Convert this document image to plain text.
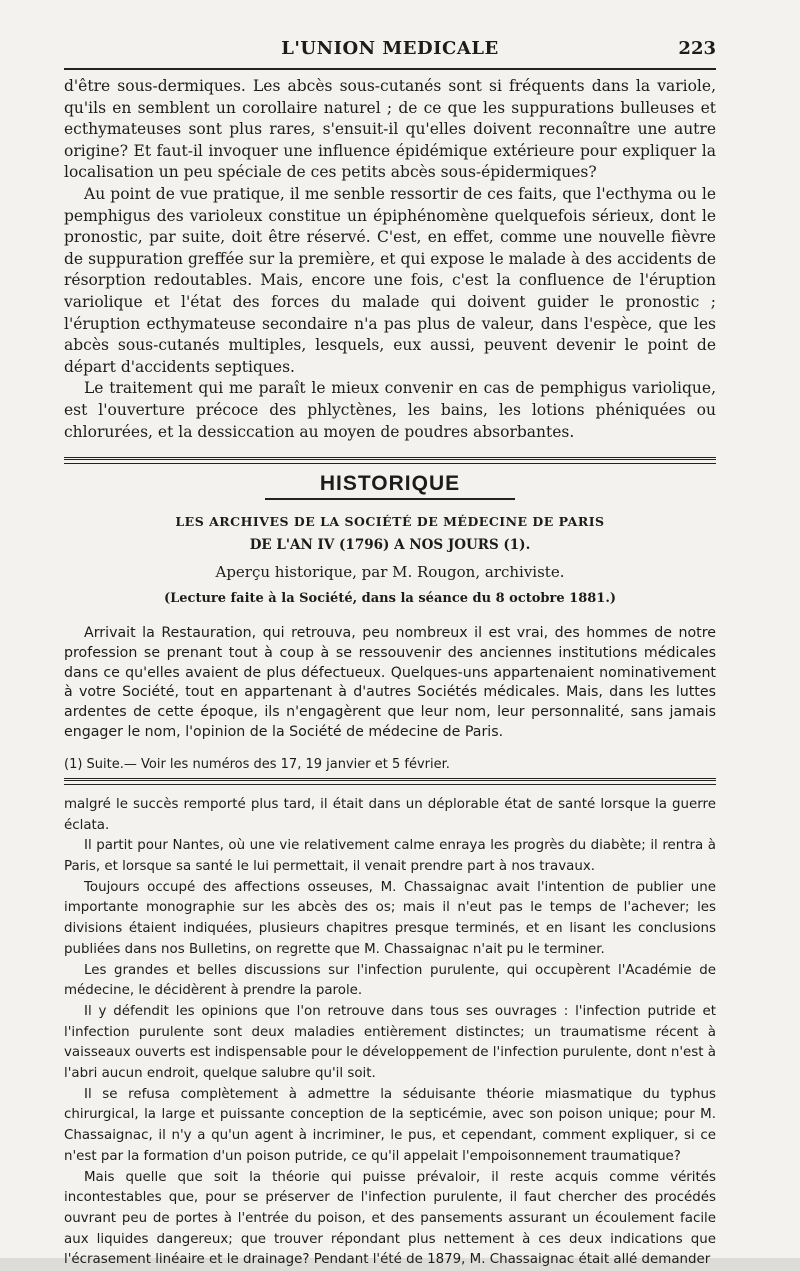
L'UNION MEDICALE	223

d'être sous-dermiques. Les abcès sous-cutanés sont si fréquents dans la variole, qu'ils en semblent un corollaire naturel ; de ce que les suppurations bulleuses et ecthymateuses sont plus rares, s'ensuit-il qu'elles doivent reconnaître une autre origine? Et faut-il invoquer une influence épidémique extérieure pour expliquer la localisation un peu spéciale de ces petits abcès sous-épidermiques?

Au point de vue pratique, il me senble ressortir de ces faits, que l'ecthyma ou le pemphigus des varioleux constitue un épiphénomène quelquefois sérieux, dont le pronostic, par suite, doit être réservé. C'est, en effet, comme une nouvelle fièvre de suppuration greffée sur la première, et qui expose le malade à des accidents de résorption redoutables. Mais, encore une fois, c'est la confluence de l'éruption variolique et l'état des forces du malade qui doivent guider le pronostic ; l'éruption ecthymateuse secondaire n'a pas plus de valeur, dans l'espèce, que les abcès sous-cutanés multiples, lesquels, eux aussi, peuvent devenir le point de départ d'accidents septiques.

Le traitement qui me paraît le mieux convenir en cas de pemphigus variolique, est l'ouverture précoce des phlyctènes, les bains, les lotions phéniquées ou chlorurées, et la dessiccation au moyen de poudres absorbantes.

HISTORIQUE
LES ARCHIVES DE LA SOCIÉTÉ DE MÉDECINE DE PARIS
DE L'AN IV (1796) A NOS JOURS (1).
Aperçu historique, par M. Rougon, archiviste.
(Lecture faite à la Société, dans la séance du 8 octobre 1881.)

Arrivait la Restauration, qui retrouva, peu nombreux il est vrai, des hommes de notre profession se prenant tout à coup à se ressouvenir des anciennes institutions médicales dans ce qu'elles avaient de plus défectueux. Quelques-uns appartenaient nominativement à votre Société, tout en appartenant à d'autres Sociétés médicales. Mais, dans les luttes ardentes de cette époque, ils n'engagèrent que leur nom, leur personnalité, sans jamais engager le nom, l'opinion de la Société de médecine de Paris.

(1) Suite.— Voir les numéros des 17, 19 janvier et 5 février.

malgré le succès remporté plus tard, il était dans un déplorable état de santé lorsque la guerre éclata.

Il partit pour Nantes, où une vie relativement calme enraya les progrès du diabète; il rentra à Paris, et lorsque sa santé le lui permettait, il venait prendre part à nos travaux.

Toujours occupé des affections osseuses, M. Chassaignac avait l'intention de publier une importante monographie sur les abcès des os; mais il n'eut pas le temps de l'achever; les divisions étaient indiquées, plusieurs chapitres presque terminés, et en lisant les conclusions publiées dans nos Bulletins, on regrette que M. Chassaignac n'ait pu le terminer.

Les grandes et belles discussions sur l'infection purulente, qui occupèrent l'Académie de médecine, le décidèrent à prendre la parole.

Il y défendit les opinions que l'on retrouve dans tous ses ouvrages : l'infection putride et l'infection purulente sont deux maladies entièrement distinctes; un traumatisme récent à vaisseaux ouverts est indispensable pour le développement de l'infection purulente, dont n'est à l'abri aucun endroit, quelque salubre qu'il soit.

Il se refusa complètement à admettre la séduisante théorie miasmatique du typhus chirurgical, la large et puissante conception de la septicémie, avec son poison unique; pour M. Chassaignac, il n'y a qu'un agent à incriminer, le pus, et cependant, comment expliquer, si ce n'est par la formation d'un poison putride, ce qu'il appelait l'empoisonnement traumatique?

Mais quelle que soit la théorie qui puisse prévaloir, il reste acquis comme vérités incontestables que, pour se préserver de l'infection purulente, il faut chercher des procédés ouvrant peu de portes à l'entrée du poison, et des pansements assurant un écoulement facile aux liquides dangereux; que trouver répondant plus nettement à ces deux indications que l'écrasement linéaire et le drainage? Pendant l'été de 1879, M. Chassaignac était allé demander
